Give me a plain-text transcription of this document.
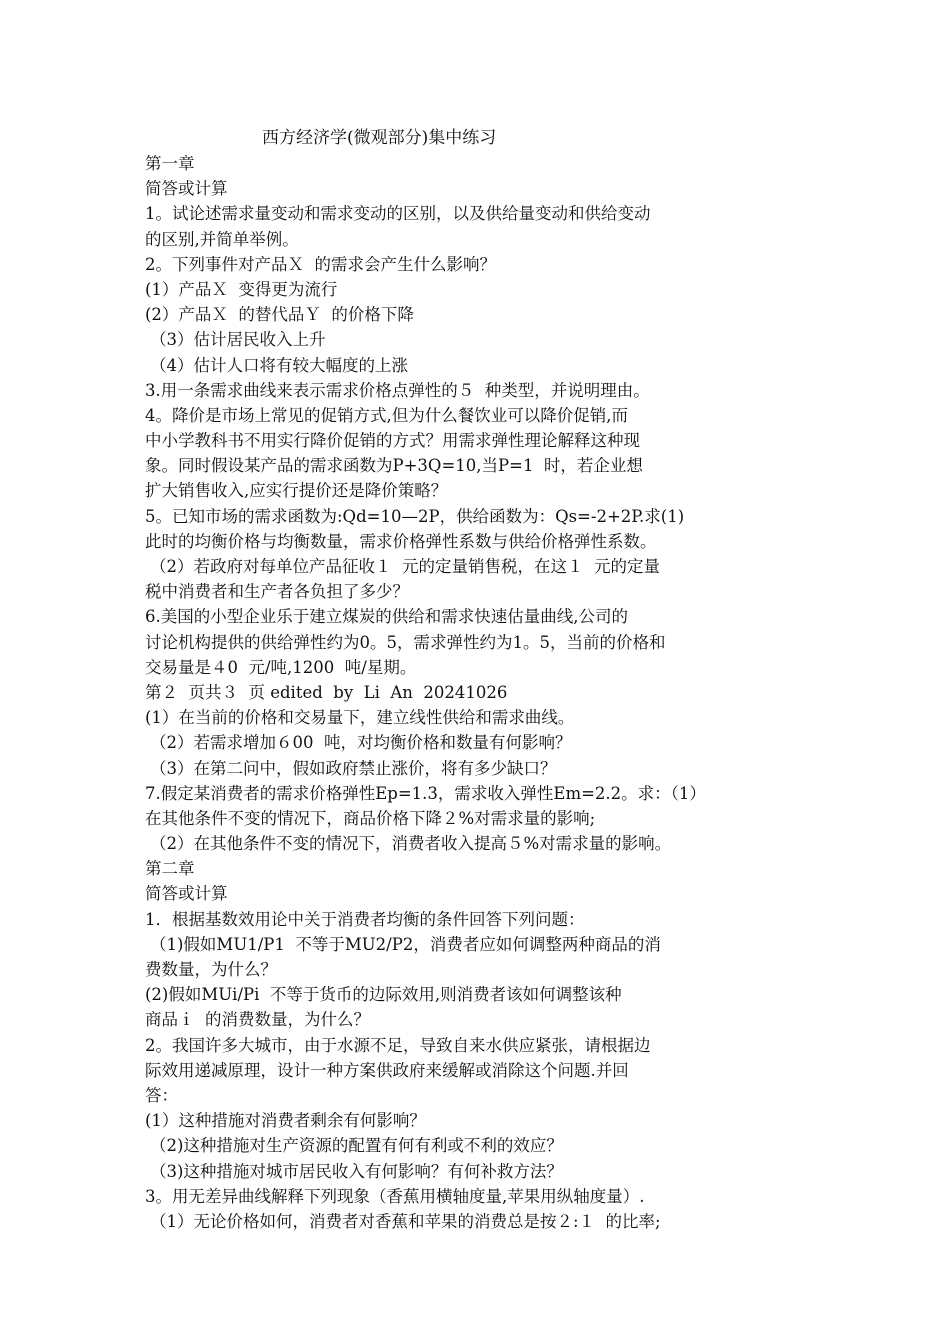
西方经济学(微观部分)集中练习
第一章
简答或计算
1。试论述需求量变动和需求变动的区别，以及供给量变动和供给变动
的区别,并简单举例。
2。下列事件对产品Ｘ  的需求会产生什么影响？
(1）产品Ｘ  变得更为流行
(2）产品Ｘ  的替代品Ｙ  的价格下降
（3）估计居民收入上升
（4）估计人口将有较大幅度的上涨
3.用一条需求曲线来表示需求价格点弹性的５  种类型，并说明理由。
4。降价是市场上常见的促销方式,但为什么餐饮业可以降价促销,而
中小学教科书不用实行降价促销的方式？用需求弹性理论解释这种现
象。同时假设某产品的需求函数为P+3Q=10,当P=1  时，若企业想
扩大销售收入,应实行提价还是降价策略？
5。已知市场的需求函数为:Qd=10—2P，供给函数为：Qs=-2+2P.求(1)
此时的均衡价格与均衡数量，需求价格弹性系数与供给价格弹性系数。
（2）若政府对每单位产品征收１  元的定量销售税，在这１  元的定量
税中消费者和生产者各负担了多少？
6.美国的小型企业乐于建立煤炭的供给和需求快速估量曲线,公司的
讨论机构提供的供给弹性约为0。5，需求弹性约为1。5，当前的价格和
交易量是４0  元/吨,1200  吨/星期。
第２  页共３  页 edited  by  Li  An  20241026
(1）在当前的价格和交易量下，建立线性供给和需求曲线。
（2）若需求增加６00  吨，对均衡价格和数量有何影响？
（3）在第二问中，假如政府禁止涨价，将有多少缺口？
7.假定某消费者的需求价格弹性Ep=1.3，需求收入弹性Em=2.2。求：（1）
在其他条件不变的情况下，商品价格下降２%对需求量的影响;
（2）在其他条件不变的情况下，消费者收入提高５%对需求量的影响。
第二章
简答或计算
1．根据基数效用论中关于消费者均衡的条件回答下列问题：
（1)假如MU1/P1  不等于MU2/P2，消费者应如何调整两种商品的消
费数量，为什么？
(2)假如MUi/Pi  不等于货币的边际效用,则消费者该如何调整该种
商品ｉ  的消费数量，为什么？
2。我国许多大城市，由于水源不足，导致自来水供应紧张，请根据边
际效用递减原理，设计一种方案供政府来缓解或消除这个问题.并回
答：
(1）这种措施对消费者剩余有何影响？
（2)这种措施对生产资源的配置有何有利或不利的效应？
（3)这种措施对城市居民收入有何影响？有何补救方法？
3。用无差异曲线解释下列现象（香蕉用横轴度量,苹果用纵轴度量）.
（1）无论价格如何，消费者对香蕉和苹果的消费总是按２:１  的比率;
